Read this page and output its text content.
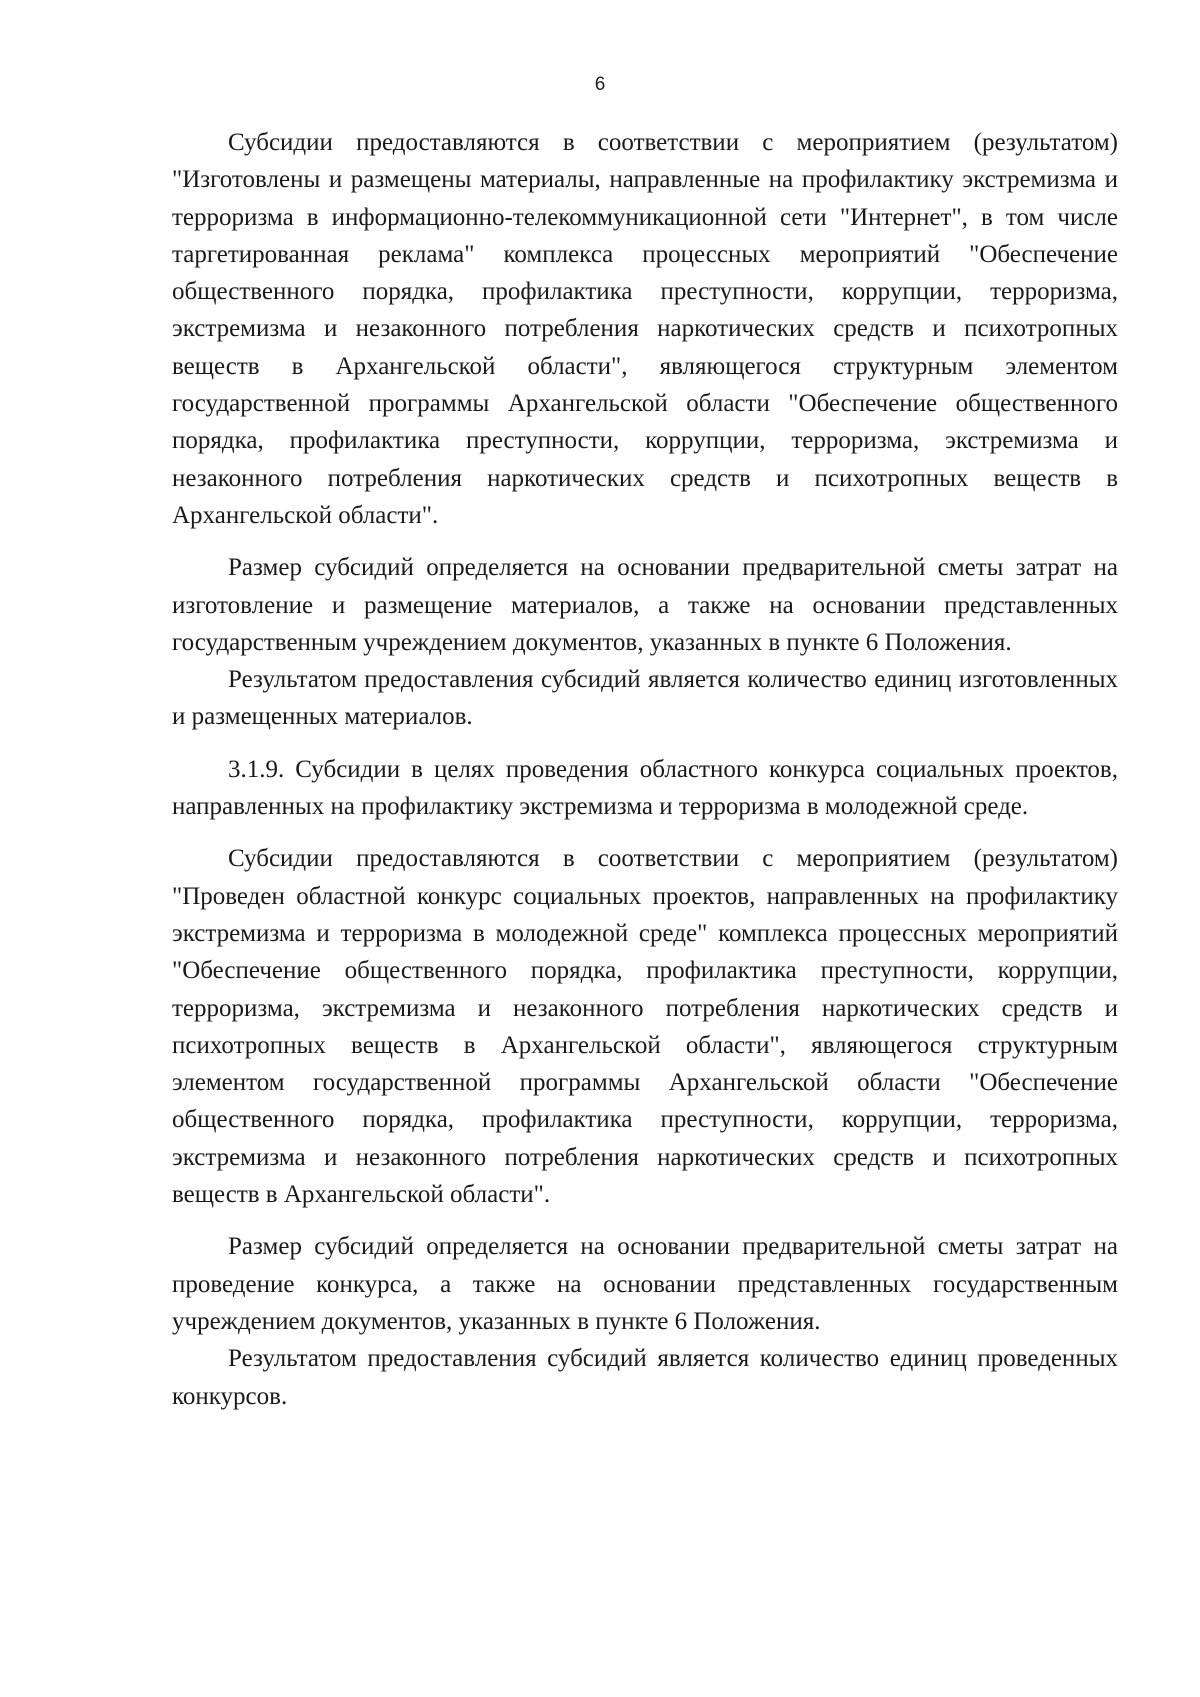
6

Субсидии предоставляются в соответствии с мероприятием (результатом) "Изготовлены и размещены материалы, направленные на профилактику экстремизма и терроризма в информационно-телекоммуникационной сети "Интернет", в том числе таргетированная реклама" комплекса процессных мероприятий "Обеспечение общественного порядка, профилактика преступности, коррупции, терроризма, экстремизма и незаконного потребления наркотических средств и психотропных веществ в Архангельской области", являющегося структурным элементом государственной программы Архангельской области "Обеспечение общественного порядка, профилактика преступности, коррупции, терроризма, экстремизма и незаконного потребления наркотических средств и психотропных веществ в Архангельской области".

Размер субсидий определяется на основании предварительной сметы затрат на изготовление и размещение материалов, а также на основании представленных государственным учреждением документов, указанных в пункте 6 Положения.

Результатом предоставления субсидий является количество единиц изготовленных и размещенных материалов.

3.1.9. Субсидии в целях проведения областного конкурса социальных проектов, направленных на профилактику экстремизма и терроризма в молодежной среде.

Субсидии предоставляются в соответствии с мероприятием (результатом) "Проведен областной конкурс социальных проектов, направленных на профилактику экстремизма и терроризма в молодежной среде" комплекса процессных мероприятий "Обеспечение общественного порядка, профилактика преступности, коррупции, терроризма, экстремизма и незаконного потребления наркотических средств и психотропных веществ в Архангельской области", являющегося структурным элементом государственной программы Архангельской области "Обеспечение общественного порядка, профилактика преступности, коррупции, терроризма, экстремизма и незаконного потребления наркотических средств и психотропных веществ в Архангельской области".

Размер субсидий определяется на основании предварительной сметы затрат на проведение конкурса, а также на основании представленных государственным учреждением документов, указанных в пункте 6 Положения.

Результатом предоставления субсидий является количество единиц проведенных конкурсов.
